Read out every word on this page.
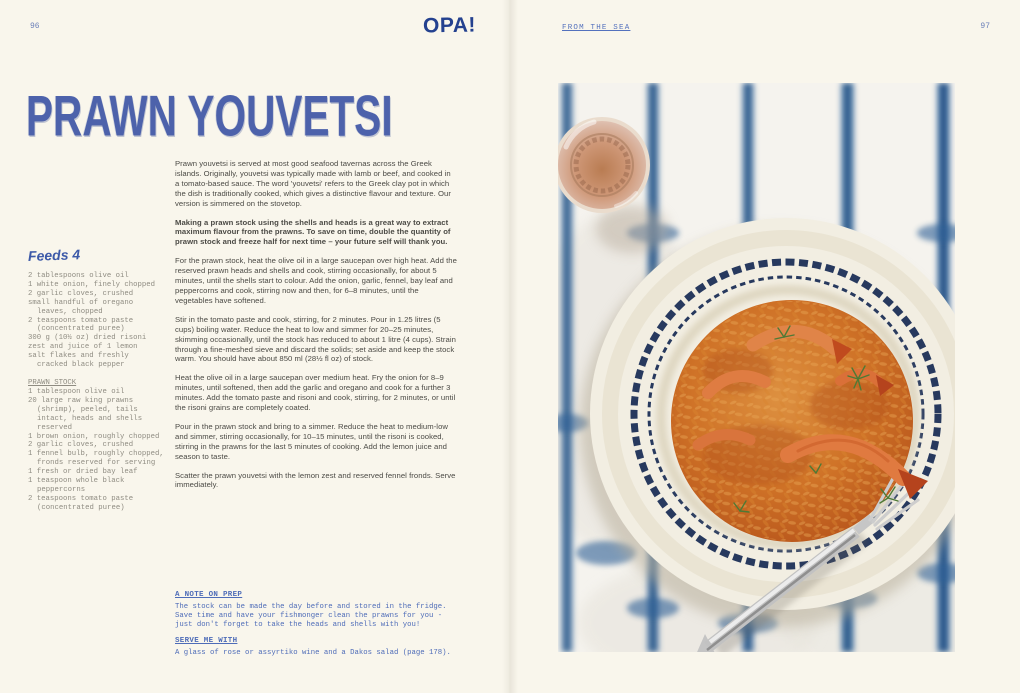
96	OPA!	FROM THE SEA	97
PRAWN YOUVETSI
Feeds 4
2 tablespoons olive oil
1 white onion, finely chopped
2 garlic cloves, crushed
small handful of oregano
leaves, chopped
2 teaspoons tomato paste
(concentrated puree)
300 g (10½ oz) dried risoni
zest and juice of 1 lemon
salt flakes and freshly
cracked black pepper
PRAWN STOCK
1 tablespoon olive oil
20 large raw king prawns
(shrimp), peeled, tails
intact, heads and shells
reserved
1 brown onion, roughly chopped
2 garlic cloves, crushed
1 fennel bulb, roughly chopped,
fronds reserved for serving
1 fresh or dried bay leaf
1 teaspoon whole black
peppercorns
2 teaspoons tomato paste
(concentrated puree)

Prawn youvetsi is served at most good seafood tavernas across the Greek islands. Originally, youvetsi was typically made with lamb or beef, and cooked in a tomato-based sauce. The word 'youvetsi' refers to the Greek clay pot in which the dish is traditionally cooked, which gives a distinctive flavour and texture. Our version is simmered on the stovetop.

Making a prawn stock using the shells and heads is a great way to extract maximum flavour from the prawns. To save on time, double the quantity of prawn stock and freeze half for next time – your future self will thank you.

For the prawn stock, heat the olive oil in a large saucepan over high heat. Add the reserved prawn heads and shells and cook, stirring occasionally, for about 5 minutes, until the shells start to colour. Add the onion, garlic, fennel, bay leaf and peppercorns and cook, stirring now and then, for 6–8 minutes, until the vegetables have softened.

Stir in the tomato paste and cook, stirring, for 2 minutes. Pour in 1.25 litres (5 cups) boiling water. Reduce the heat to low and simmer for 20–25 minutes, skimming occasionally, until the stock has reduced to about 1 litre (4 cups). Strain through a fine-meshed sieve and discard the solids; set aside and keep the stock warm. You should have about 850 ml (28½ fl oz) of stock.

Heat the olive oil in a large saucepan over medium heat. Fry the onion for 8–9 minutes, until softened, then add the garlic and oregano and cook for a further 3 minutes. Add the tomato paste and risoni and cook, stirring, for 2 minutes, or until the risoni grains are completely coated.

Pour in the prawn stock and bring to a simmer. Reduce the heat to medium-low and simmer, stirring occasionally, for 10–15 minutes, until the risoni is cooked, stirring in the prawns for the last 5 minutes of cooking. Add the lemon juice and season to taste.

Scatter the prawn youvetsi with the lemon zest and reserved fennel fronds. Serve immediately.

A NOTE ON PREP
The stock can be made the day before and stored in the fridge.
Save time and have your fishmonger clean the prawns for you -
just don't forget to take the heads and shells with you!
SERVE ME WITH
A glass of rose or assyrtiko wine and a Dakos salad (page 178).
